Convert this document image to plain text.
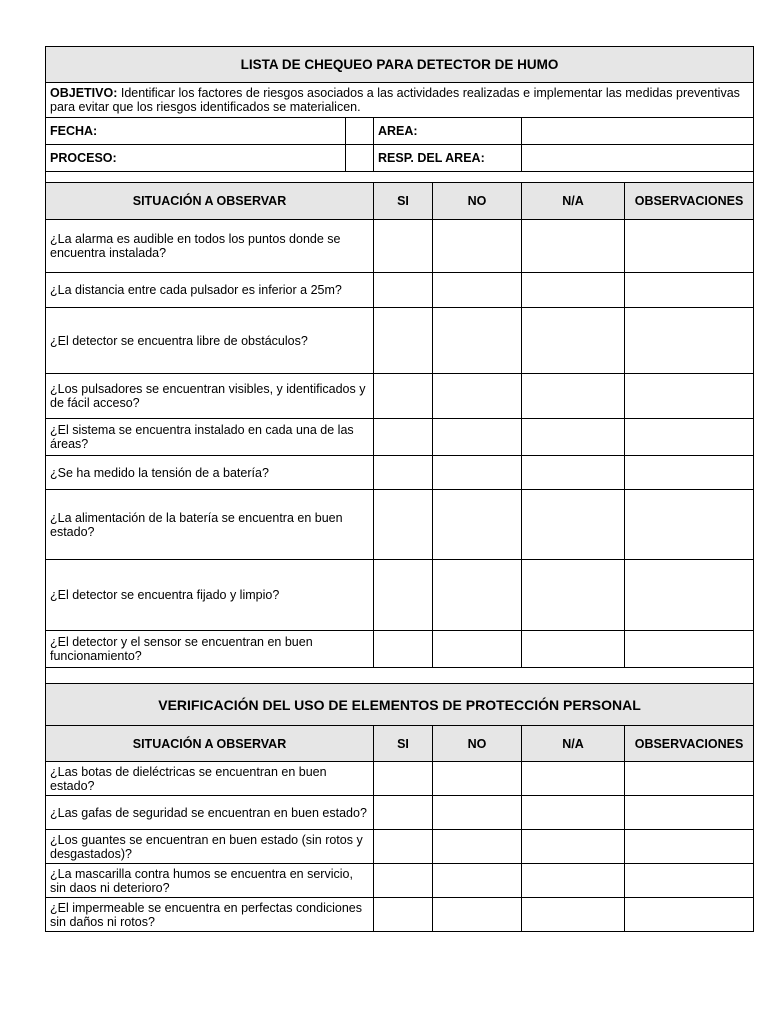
LISTA DE CHEQUEO PARA DETECTOR DE HUMO					
OBJETIVO: Identificar los factores de riesgos asociados a las actividades realizadas e implementar las medidas preventivas para evitar que los riesgos identificados se materialicen.					
FECHA:		AREA:			
PROCESO:		RESP. DEL AREA:			

SITUACIÓN A OBSERVAR		SI	NO	N/A	OBSERVACIONES
¿La alarma es audible en todos los puntos donde se encuentra instalada?					
¿La distancia entre cada pulsador es inferior a 25m?					
¿El detector se encuentra libre de obstáculos?					
¿Los pulsadores se encuentran visibles, y identificados y de fácil acceso?					
¿El sistema se encuentra instalado en cada una de las áreas?					
¿Se ha medido la tensión de a batería?					
¿La alimentación de la batería se encuentra en buen estado?					
¿El detector se encuentra fijado y limpio?					
¿El detector y el sensor se encuentran en buen funcionamiento?					

VERIFICACIÓN DEL USO DE ELEMENTOS DE PROTECCIÓN PERSONAL					
SITUACIÓN A OBSERVAR		SI	NO	N/A	OBSERVACIONES
¿Las botas de dieléctricas se encuentran en buen estado?					
¿Las gafas de seguridad se encuentran en buen estado?					
¿Los guantes se encuentran en buen estado (sin rotos y desgastados)?					
¿La mascarilla contra humos se encuentra en servicio, sin daos ni deterioro?					
¿El impermeable se encuentra en perfectas condiciones sin daños ni rotos?					
